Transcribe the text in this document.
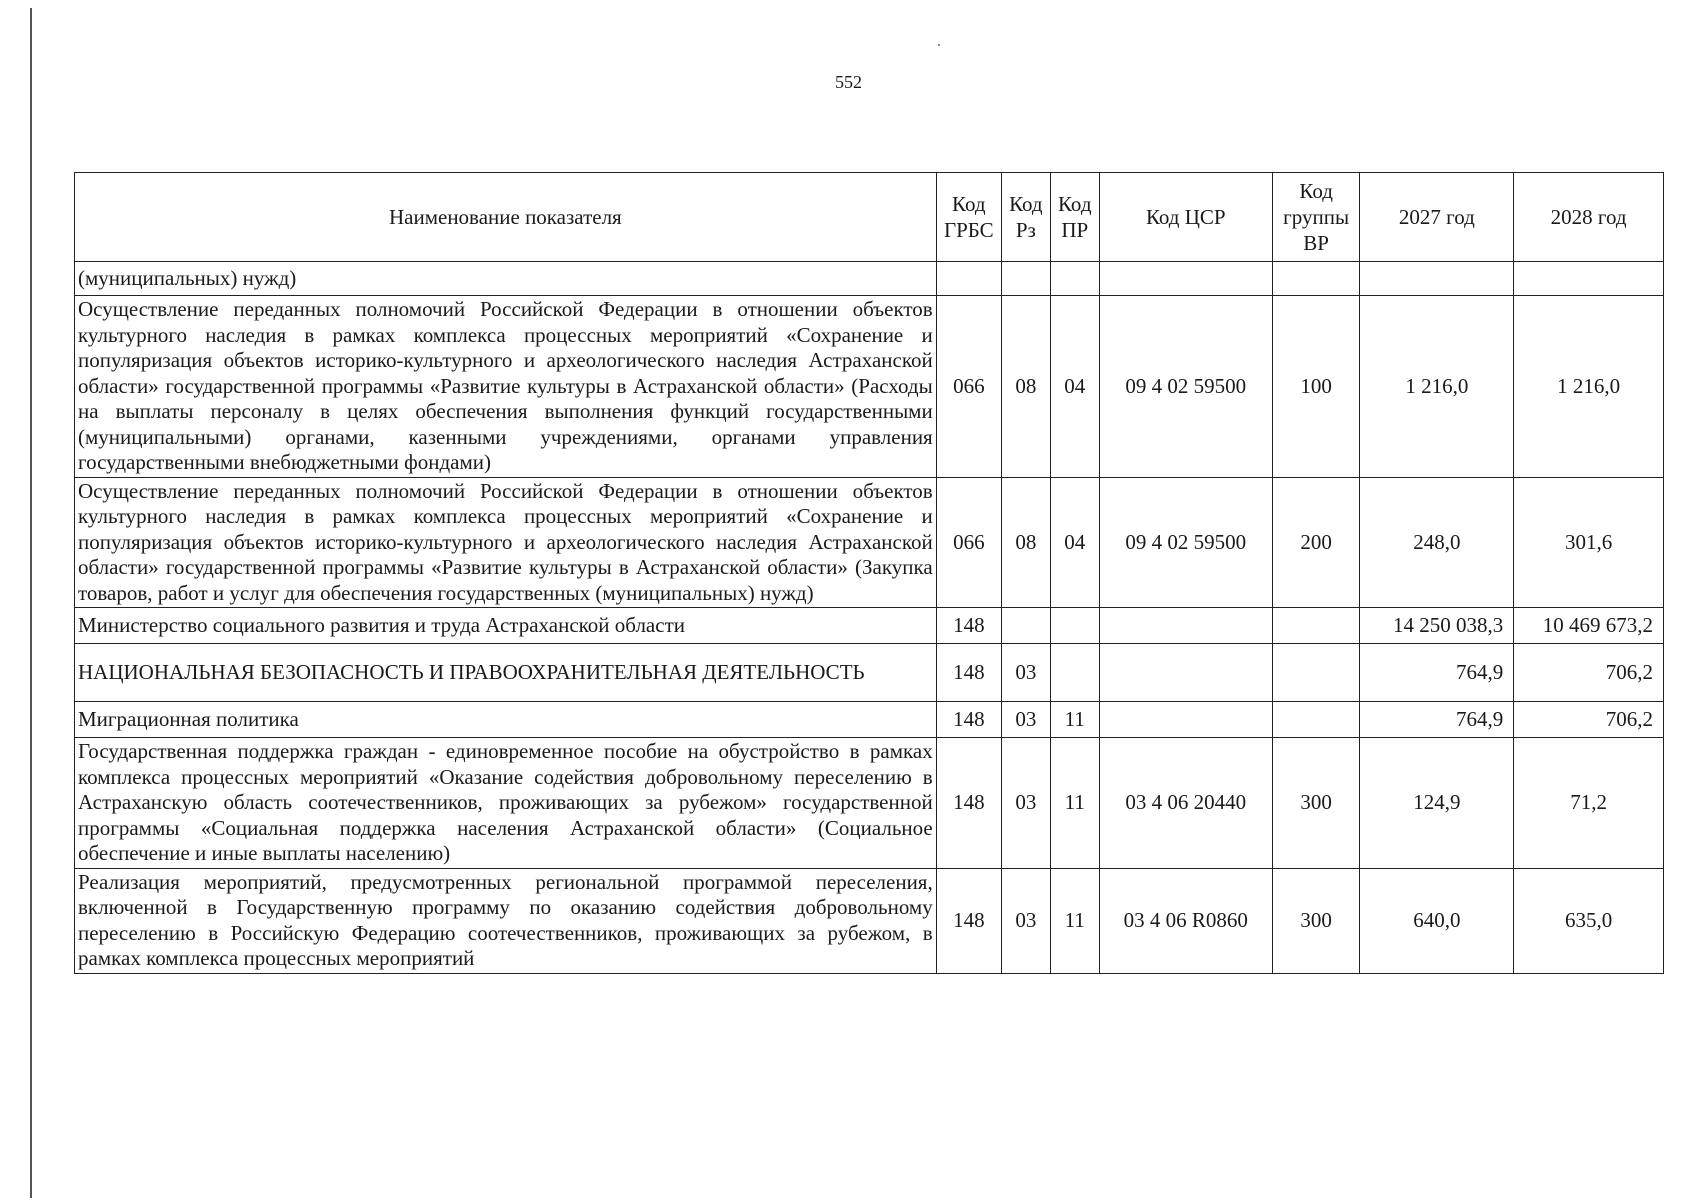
552
Наименование показателя	Код ГРБС	Код Рз	Код ПР	Код ЦСР	Код группы ВР	2027 год	2028 год
(муниципальных) нужд)							
Осуществление переданных полномочий Российской Федерации в отношении объектов культурного наследия в рамках комплекса процессных мероприятий «Сохранение и популяризация объектов историко-культурного и археологического наследия Астраханской области» государственной программы «Развитие культуры в Астраханской области» (Расходы на выплаты персоналу в целях обеспечения выполнения функций государственными (муниципальными) органами, казенными учреждениями, органами управления государственными внебюджетными фондами)	066	08	04	09 4 02 59500	100	1 216,0	1 216,0
Осуществление переданных полномочий Российской Федерации в отношении объектов культурного наследия в рамках комплекса процессных мероприятий «Сохранение и популяризация объектов историко-культурного и археологического наследия Астраханской области» государственной программы «Развитие культуры в Астраханской области» (Закупка товаров, работ и услуг для обеспечения государственных (муниципальных) нужд)	066	08	04	09 4 02 59500	200	248,0	301,6
Министерство социального развития и труда Астраханской области	148					14 250 038,3	10 469 673,2
НАЦИОНАЛЬНАЯ БЕЗОПАСНОСТЬ И ПРАВООХРАНИТЕЛЬНАЯ ДЕЯТЕЛЬНОСТЬ	148	03				764,9	706,2
Миграционная политика	148	03	11			764,9	706,2
Государственная поддержка граждан - единовременное пособие на обустройство в рамках комплекса процессных мероприятий «Оказание содействия добровольному переселению в Астраханскую область соотечественников, проживающих за рубежом» государственной программы «Социальная поддержка населения Астраханской области» (Социальное обеспечение и иные выплаты населению)	148	03	11	03 4 06 20440	300	124,9	71,2
Реализация мероприятий, предусмотренных региональной программой переселения, включенной в Государственную программу по оказанию содействия добровольному переселению в Российскую Федерацию соотечественников, проживающих за рубежом, в рамках комплекса процессных мероприятий	148	03	11	03 4 06 R0860	300	640,0	635,0
